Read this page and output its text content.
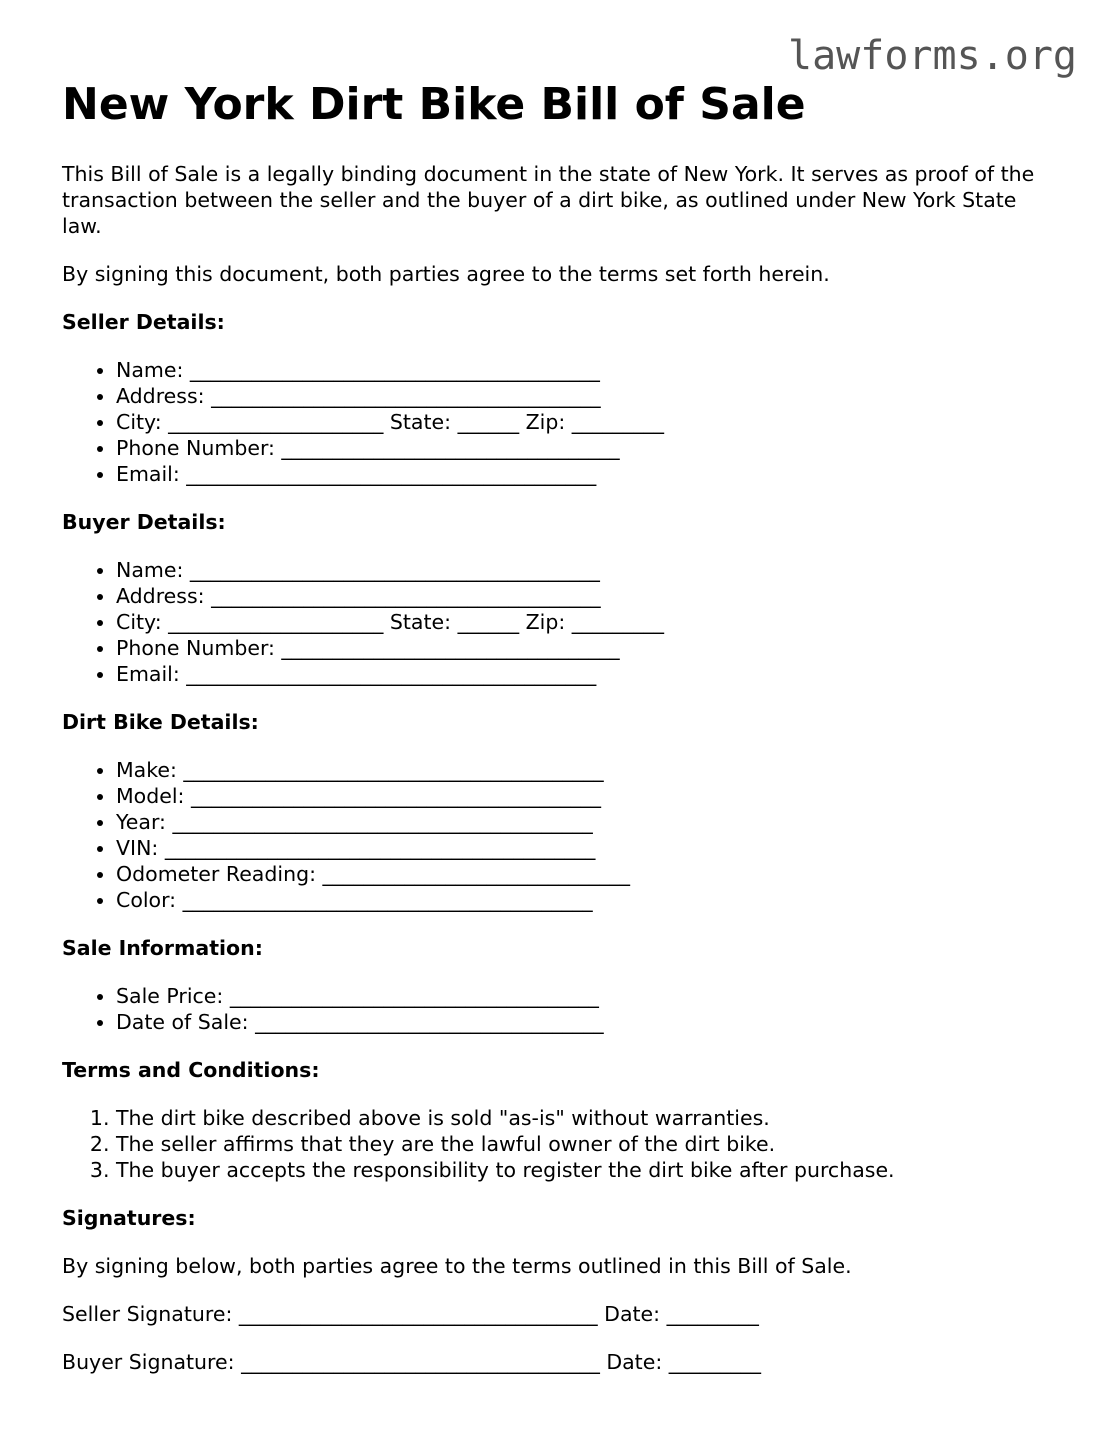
lawforms.org
New York Dirt Bike Bill of Sale

This Bill of Sale is a legally binding document in the state of New York. It serves as proof of the transaction between the seller and the buyer of a dirt bike, as outlined under New York State law.

By signing this document, both parties agree to the terms set forth herein.

Seller Details:
• Name: ________________________________________
• Address: ______________________________________
• City: _____________________ State: ______ Zip: _________
• Phone Number: _________________________________
• Email: ________________________________________
Buyer Details:
• Name: ________________________________________
• Address: ______________________________________
• City: _____________________ State: ______ Zip: _________
• Phone Number: _________________________________
• Email: ________________________________________
Dirt Bike Details:
• Make: _________________________________________
• Model: ________________________________________
• Year: _________________________________________
• VIN: __________________________________________
• Odometer Reading: ______________________________
• Color: ________________________________________
Sale Information:
• Sale Price: ____________________________________
• Date of Sale: __________________________________
Terms and Conditions:
1. The dirt bike described above is sold "as-is" without warranties.
2. The seller affirms that they are the lawful owner of the dirt bike.
3. The buyer accepts the responsibility to register the dirt bike after purchase.
Signatures:

By signing below, both parties agree to the terms outlined in this Bill of Sale.

Seller Signature: ___________________________________ Date: _________

Buyer Signature: ___________________________________ Date: _________
